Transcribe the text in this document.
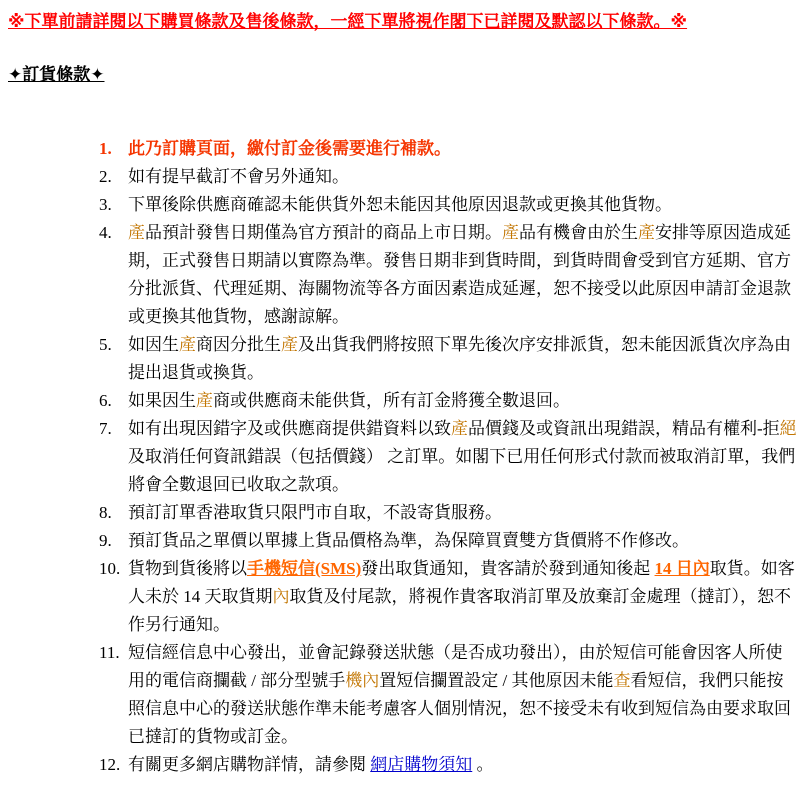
※下單前請詳閱以下購買條款及售後條款，一經下單將視作閣下已詳閱及默認以下條款。※
✦訂貨條款✦
1. 此乃訂購頁面，繳付訂金後需要進行補款。
2. 如有提早截訂不會另外通知。
3. 下單後除供應商確認未能供貨外恕未能因其他原因退款或更換其他貨物。
4. 產品預計發售日期僅為官方預計的商品上市日期。產品有機會由於生產安排等原因造成延期，正式發售日期請以實際為準。發售日期非到貨時間，到貨時間會受到官方延期、官方分批派貨、代理延期、海關物流等各方面因素造成延遲，恕不接受以此原因申請訂金退款或更換其他貨物，感謝諒解。
5. 如因生產商因分批生產及出貨我們將按照下單先後次序安排派貨，恕未能因派貨次序為由提出退貨或換貨。
6. 如果因生產商或供應商未能供貨，所有訂金將獲全數退回。
7. 如有出現因錯字及或供應商提供錯資料以致產品價錢及或資訊出現錯誤，精品有權利-拒絕及取消任何資訊錯誤（包括價錢） 之訂單。如閣下已用任何形式付款而被取消訂單，我們將會全數退回已收取之款項。
8. 預訂訂單香港取貨只限門市自取，不設寄貨服務。
9. 預訂貨品之單價以單據上貨品價格為準，為保障買賣雙方貨價將不作修改。
10. 貨物到貨後將以手機短信(SMS)發出取貨通知，貴客請於發到通知後起 14 日內取貨。如客人未於 14 天取貨期內取貨及付尾款，將視作貴客取消訂單及放棄訂金處理（撻訂），恕不作另行通知。
11. 短信經信息中心發出，並會記錄發送狀態（是否成功發出），由於短信可能會因客人所使用的電信商攔截 / 部分型號手機內置短信攔置設定 / 其他原因未能查看短信，我們只能按照信息中心的發送狀態作準未能考慮客人個別情況，恕不接受未有收到短信為由要求取回已撻訂的貨物或訂金。
12. 有關更多網店購物詳情，請參閱 網店購物須知 。
